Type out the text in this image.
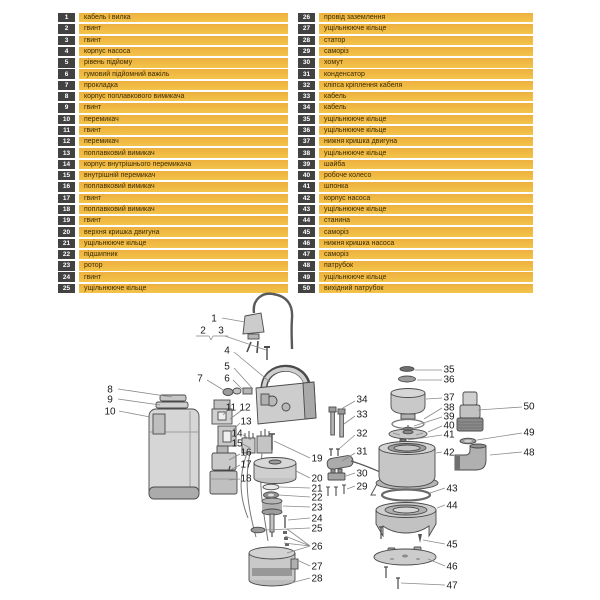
1	кабель і вилка
2	гвинт
3	гвинт
4	корпус насоса
5	рівень підйому
6	гумовий підйомний важіль
7	прокладка
8	корпус поплавкового вимикача
9	гвинт
10	перемикач
11	гвинт
12	перемикач
13	поплавковий вимикач
14	корпус внутрішнього перемикача
15	внутрішній перемикач
16	поплавковий вимикач
17	гвинт
18	поплавковий вимикач
19	гвинт
20	верхня кришка двигуна
21	ущільнююче кільце
22	підшипник
23	ротор
24	гвинт
25	ущільнююче кільце
26	провід заземлення
27	ущільнююче кільце
28	статор
29	саморіз
30	хомут
31	конденсатор
32	кліпса кріплення кабеля
33	кабель
34	кабель
35	ущільнююче кільце
36	ущільнююче кільце
37	нижня кришка двигуна
38	ущільнююче кільце
39	шайба
40	робоче колесо
41	шпонка
42	корпус насоса
43	ущільнююче кільце
44	станина
45	саморіз
46	нижня кришка насоса
47	саморіз
48	патрубок
49	ущільнююче кільце
50	вихідний патрубок
1
2 3
4
5
6
7
8
9
10	11 12
13
14
15
16
17
18
19
20
21
22
23
24
25
26
27
28
29
30
31
32
33
34
35
36
37
38
39
40
41
42
43
44
45
46
47
48
49
50
